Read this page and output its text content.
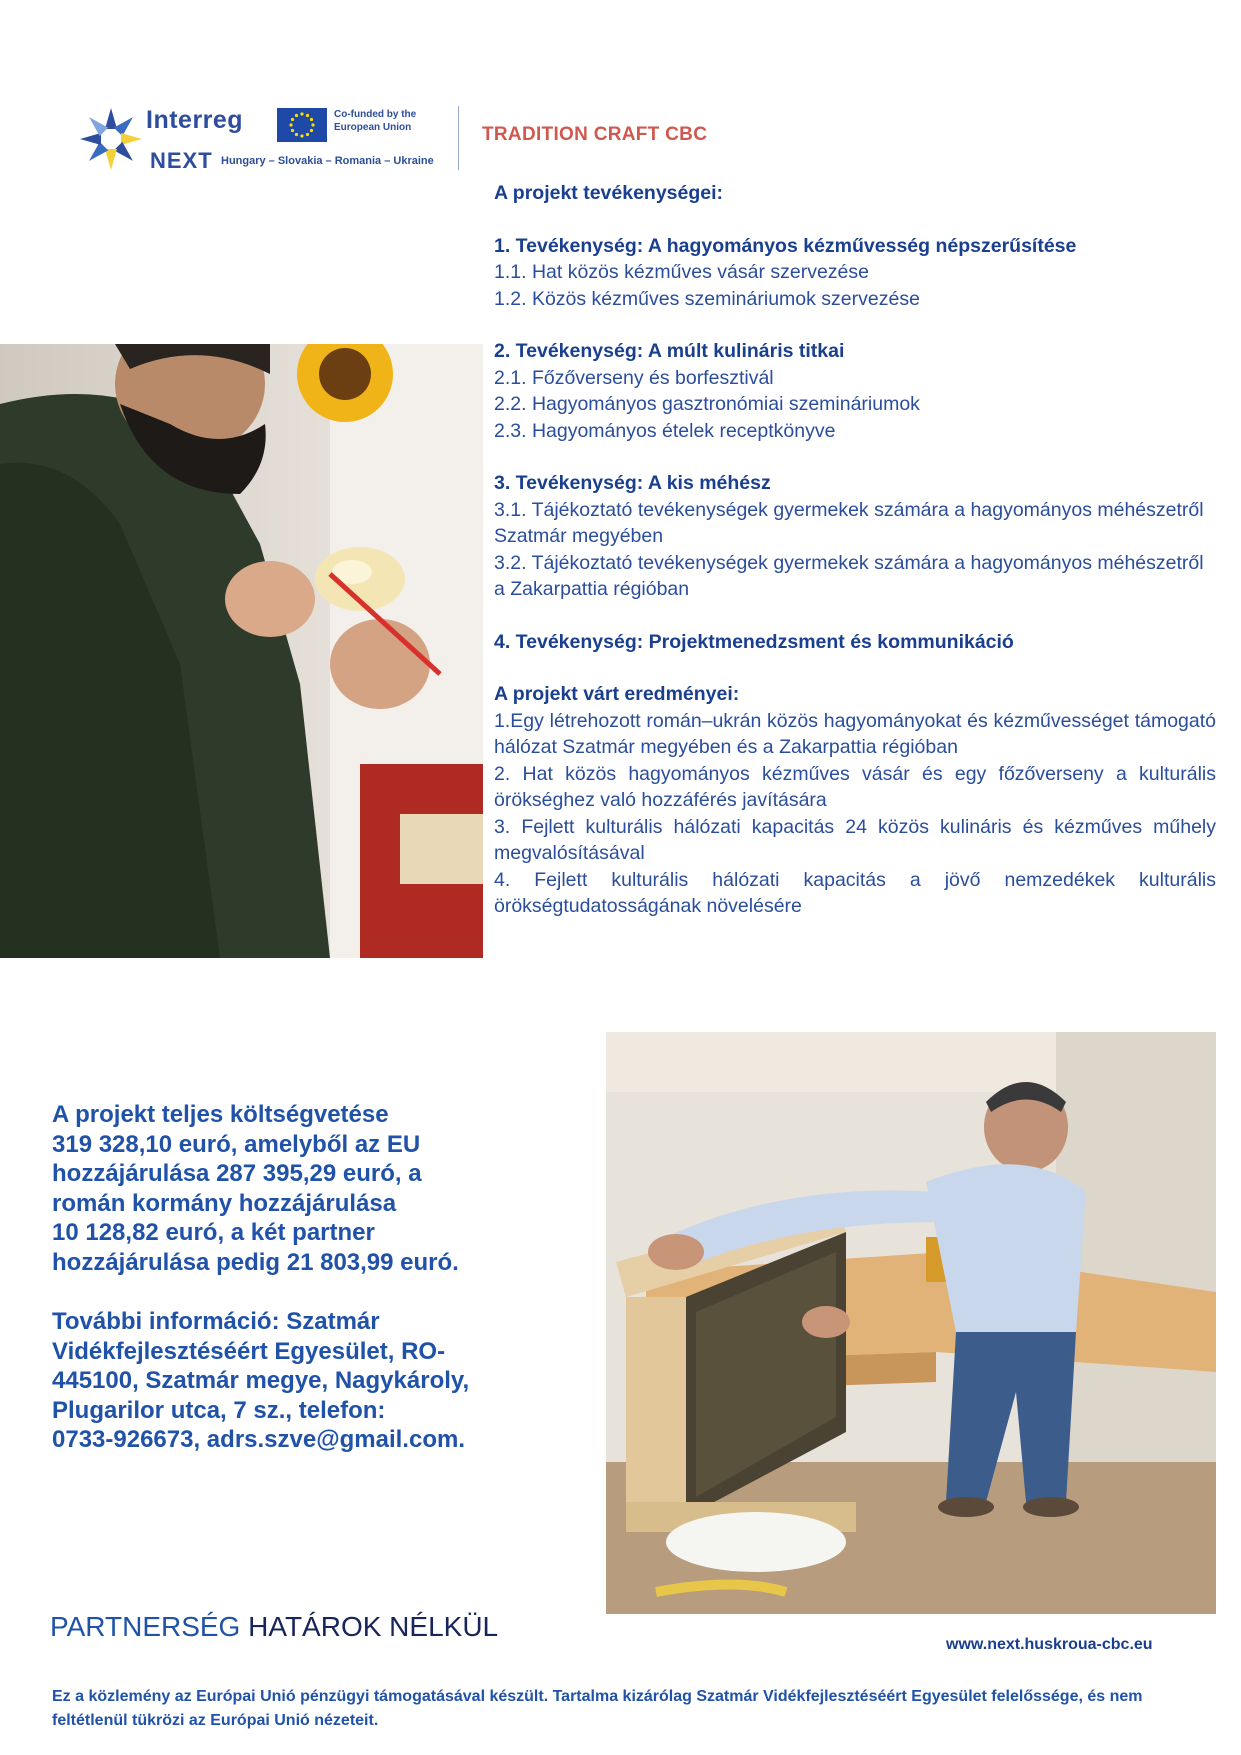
Interreg
NEXT Hungary – Slovakia – Romania – Ukraine
Co-funded by the European Union	TRADITION CRAFT CBC
A projekt tevékenységei:
1. Tevékenység: A hagyományos kézművesség népszerűsítése
1.1. Hat közös kézműves vásár szervezése
1.2. Közös kézműves szemináriumok szervezése
2. Tevékenység: A múlt kulináris titkai
2.1. Főzőverseny és borfesztivál
2.2. Hagyományos gasztronómiai szemináriumok
2.3. Hagyományos ételek receptkönyve
3. Tevékenység: A kis méhész
3.1. Tájékoztató tevékenységek gyermekek számára a hagyományos méhészetről Szatmár megyében
3.2. Tájékoztató tevékenységek gyermekek számára a hagyományos méhészetről a Zakarpattia régióban
4. Tevékenység: Projektmenedzsment és kommunikáció
A projekt várt eredményei:
1.Egy létrehozott román–ukrán közös hagyományokat és kézművességet támogató hálózat Szatmár megyében és a Zakarpattia régióban
2. Hat közös hagyományos kézműves vásár és egy főzőverseny a kulturális örökséghez való hozzáférés javítására
3. Fejlett kulturális hálózati kapacitás 24 közös kulináris és kézműves műhely megvalósításával
4. Fejlett kulturális hálózati kapacitás a jövő nemzedékek kulturális örökségtudatosságának növelésére
A projekt teljes költségvetése
319 328,10 euró, amelyből az EU
hozzájárulása 287 395,29 euró, a
román kormány hozzájárulása
10 128,82 euró, a két partner
hozzájárulása pedig 21 803,99 euró.
További információ: Szatmár
Vidékfejlesztéséért Egyesület, RO-
445100, Szatmár megye, Nagykároly,
Plugarilor utca, 7 sz., telefon:
0733-926673, adrs.szve@gmail.com.
PARTNERSÉG HATÁROK NÉLKÜL
www.next.huskroua-cbc.eu
Ez a közlemény az Európai Unió pénzügyi támogatásával készült. Tartalma kizárólag Szatmár Vidékfejlesztéséért Egyesület felelőssége, és nem feltétlenül tükrözi az Európai Unió nézeteit.
